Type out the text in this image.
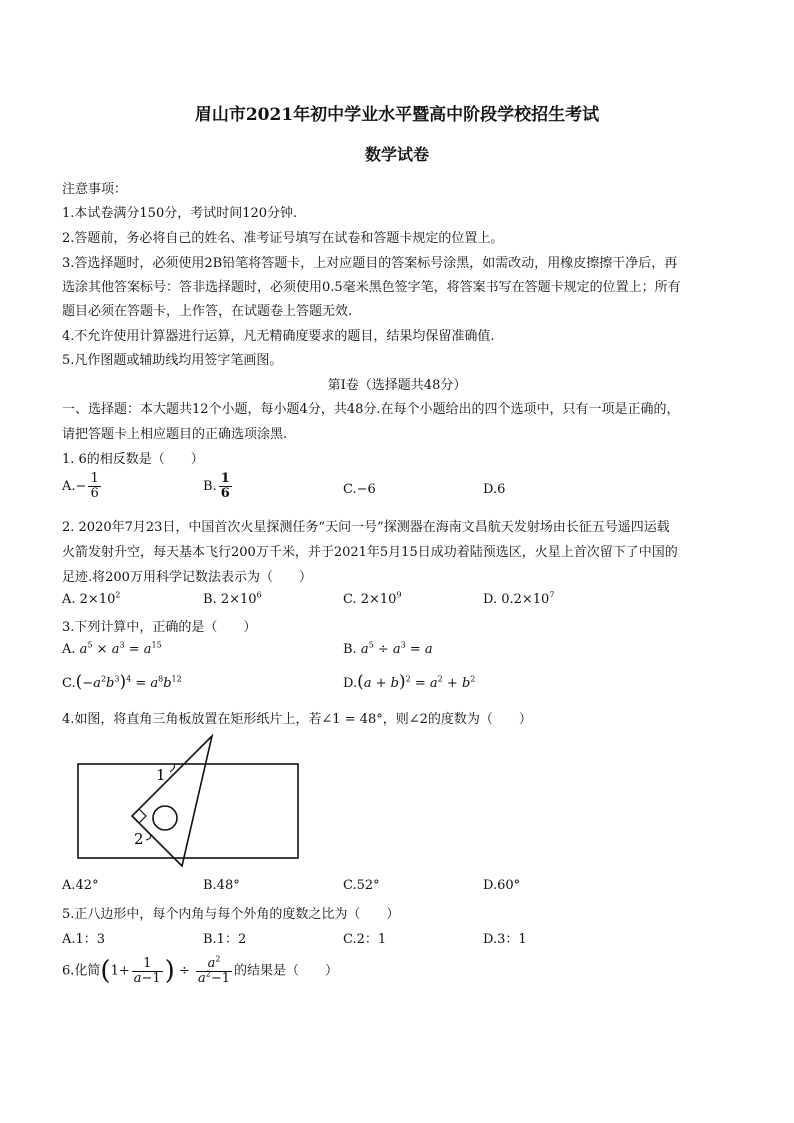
眉山市2021年初中学业水平暨高中阶段学校招生考试
数学试卷
注意事项：
1.本试卷满分150分，考试时间120分钟.
2.答题前，务必将自己的姓名、准考证号填写在试卷和答题卡规定的位置上。
3.答选择题时，必须使用2B铅笔将答题卡，上对应题目的答案标号涂黑，如需改动，用橡皮擦擦干净后，再
选涂其他答案标号：答非选择题时，必须使用0.5毫米黑色签字笔，将答案书写在答题卡规定的位置上；所有
题目必须在答题卡，上作答，在试题卷上答题无效.
4.不允许使用计算器进行运算，凡无精确度要求的题目，结果均保留准确值.
5.凡作图题或辅助线均用签字笔画图。
第Ⅰ卷（选择题共48分）
一、选择题：本大题共12个小题，每小题4分，共48分.在每个小题给出的四个选项中，只有一项是正确的，
请把答题卡上相应题目的正确选项涂黑.
1. 6的相反数是（　　）
$A.- \frac{1}{6}$	B. $\frac{1}{6}$	C.−6	D.6
2. 2020年7月23日，中国首次火星探测任务“天问一号”探测器在海南文昌航天发射场由长征五号遥四运载
火箭发射升空，每天基本飞行200万千米，并于2021年5月15日成功着陆预选区，火星上首次留下了中国的
足迹.将200万用科学记数法表示为（　　）
A. $2\times 10^2$	B. $2\times 10^6$	C. $2\times 10^9$	D. $0.2\times 10^7$
3.下列计算中，正确的是（　　）
A. $a^5 \times a^3 = a^{15}$	B. $a^5 \div a^3 = a$
$C.(-a^2b^3)^4 = a^8b^{12}$	$D.(a + b)^2 = a^2 + b^2$
4.如图，将直角三角板放置在矩形纸片上，若∠1 = 48°，则∠2的度数为（　　）
1
2
A.42°	B.48°	C.52°	D.60°
5.正八边形中，每个内角与每个外角的度数之比为（　　）
A.1：3	B.1：2	C.2：1	D.3：1
6.化简($1+ \frac{1}{a-1}$ ) ÷ $\frac{a^2}{a^2-1}$ 的结果是（　　）
